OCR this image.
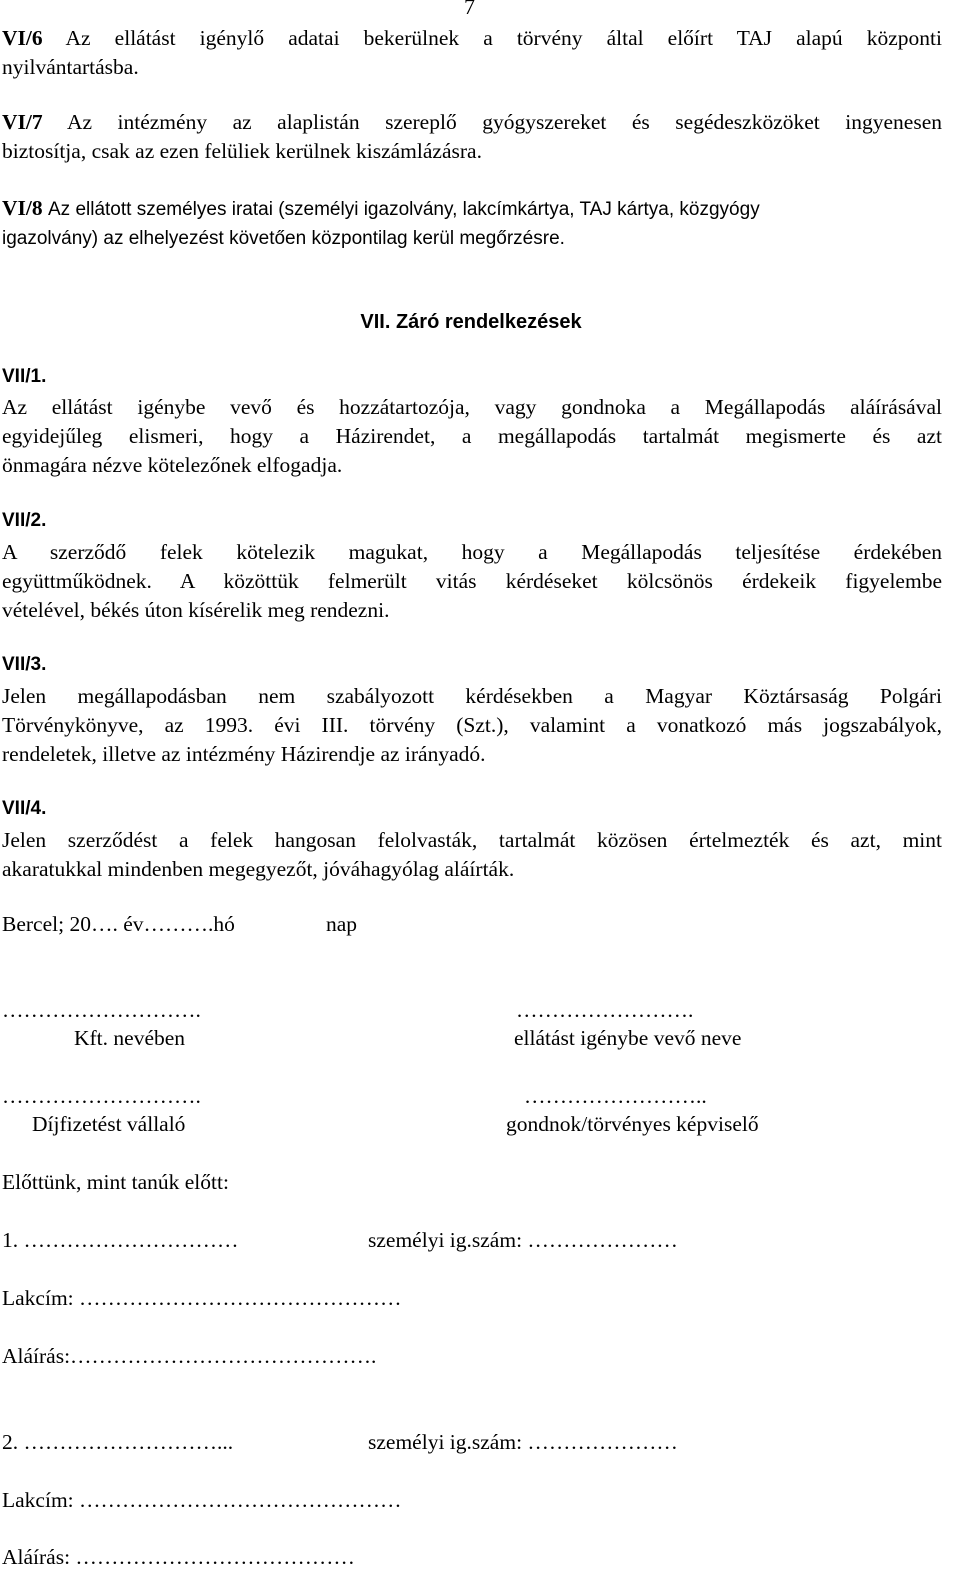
7
VI/6 Az ellátást igénylő adatai bekerülnek a törvény által előírt TAJ alapú központi
nyilvántartásba.
VI/7 Az intézmény az alaplistán szereplő gyógyszereket és segédeszközöket ingyenesen
biztosítja, csak az ezen felüliek kerülnek kiszámlázásra.
VI/8 Az ellátott személyes iratai (személyi igazolvány, lakcímkártya, TAJ kártya, közgyógy
igazolvány) az elhelyezést követően központilag kerül megőrzésre.
VII. Záró rendelkezések
VII/1.
Az ellátást igénybe vevő és hozzátartozója, vagy gondnoka a Megállapodás aláírásával
egyidejűleg elismeri, hogy a Házirendet, a megállapodás tartalmát megismerte és azt
önmagára nézve kötelezőnek elfogadja.
VII/2.
A szerződő felek kötelezik magukat, hogy a Megállapodás teljesítése érdekében
együttműködnek. A közöttük felmerült vitás kérdéseket kölcsönös érdekeik figyelembe
vételével, békés úton kísérelik meg rendezni.
VII/3.
Jelen megállapodásban nem szabályozott kérdésekben a Magyar Köztársaság Polgári
Törvénykönyve, az 1993. évi III. törvény (Szt.), valamint a vonatkozó más jogszabályok,
rendeletek, illetve az intézmény Házirendje az irányadó.
VII/4.
Jelen szerződést a felek hangosan felolvasták, tartalmát közösen értelmezték és azt, mint
akaratukkal mindenben megegyezőt, jóváhagyólag aláírták.
Bercel; 20…. év……….hó	nap
……………………….
Kft. nevében
…………………….
ellátást igénybe vevő neve
……………………….
Díjfizetést vállaló
……………………..
gondnok/törvényes képviselő
Előttünk, mint tanúk előtt:
1. …………………………	személyi ig.szám: …………………
Lakcím: ………………………………………
Aláírás:…………………………………….
2. ………………………...	személyi ig.szám: …………………
Lakcím: ………………………………………
Aláírás: …………………………………
